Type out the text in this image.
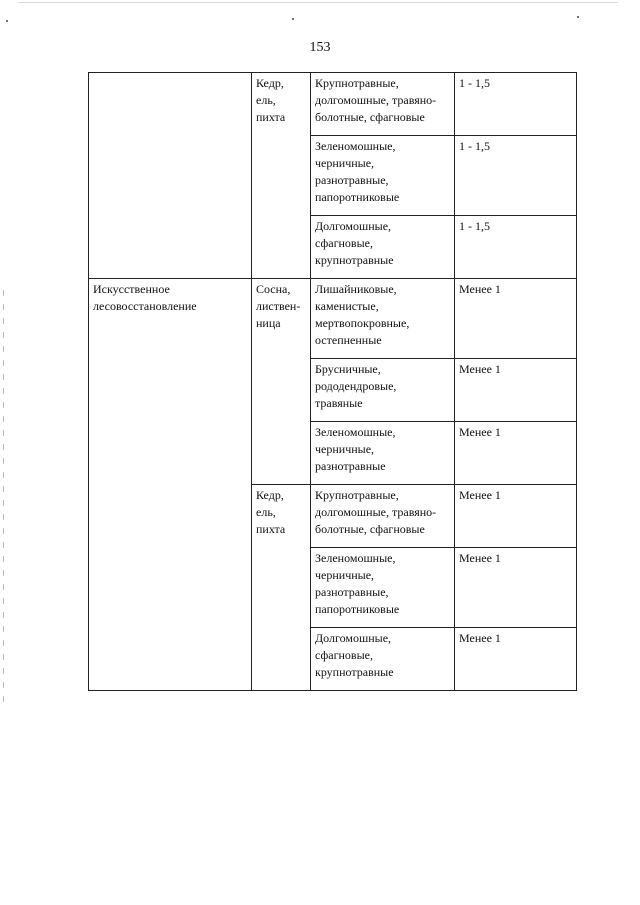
153

	Кедр,
ель,
пихта	Крупнотравные,
долгомошные, травяно-
болотные, сфагновые	1 - 1,5

		Зеленомошные,
черничные,
разнотравные,
папоротниковые	1 - 1,5

		Долгомошные,
сфагновые,
крупнотравные	1 - 1,5

Искусственное
лесовосстановление	Сосна,
листвен-
ница	Лишайниковые,
каменистые,
мертвопокровные,
остепненные	Менее 1

		Брусничные,
рододендровые,
травяные	Менее 1

		Зеленомошные,
черничные,
разнотравные	Менее 1

	Кедр,
ель,
пихта	Крупнотравные,
долгомошные, травяно-
болотные, сфагновые	Менее 1

		Зеленомошные,
черничные,
разнотравные,
папоротниковые	Менее 1

		Долгомошные,
сфагновые,
крупнотравные	Менее 1
